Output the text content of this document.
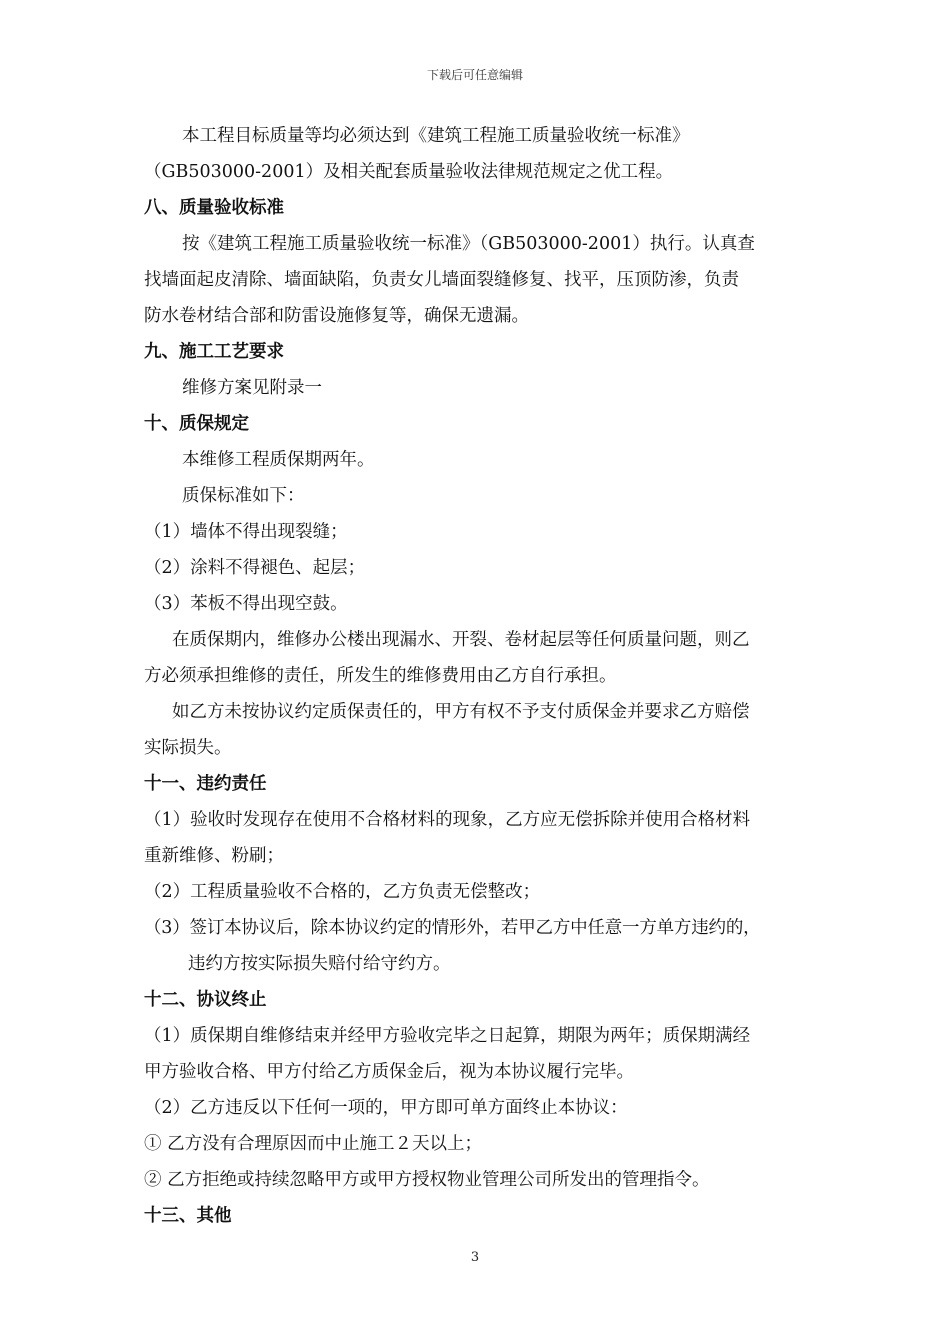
下载后可任意编辑
本工程目标质量等均必须达到《建筑工程施工质量验收统一标准》
（GB503000-2001）及相关配套质量验收法律规范规定之优工程。
八、质量验收标准
按《建筑工程施工质量验收统一标准》（GB503000-2001）执行。认真查
找墙面起皮清除、墙面缺陷，负责女儿墙面裂缝修复、找平，压顶防渗，负责
防水卷材结合部和防雷设施修复等，确保无遗漏。
九、施工工艺要求
维修方案见附录一
十、质保规定
本维修工程质保期两年。
质保标准如下：
（1）墙体不得出现裂缝；
（2）涂料不得褪色、起层；
（3）苯板不得出现空鼓。
在质保期内，维修办公楼出现漏水、开裂、卷材起层等任何质量问题，则乙
方必须承担维修的责任，所发生的维修费用由乙方自行承担。
如乙方未按协议约定质保责任的，甲方有权不予支付质保金并要求乙方赔偿
实际损失。
十一、违约责任
（1）验收时发现存在使用不合格材料的现象，乙方应无偿拆除并使用合格材料
重新维修、粉刷；
（2）工程质量验收不合格的，乙方负责无偿整改；
（3）签订本协议后，除本协议约定的情形外，若甲乙方中任意一方单方违约的，
违约方按实际损失赔付给守约方。
十二、协议终止
（1）质保期自维修结束并经甲方验收完毕之日起算，期限为两年；质保期满经
甲方验收合格、甲方付给乙方质保金后，视为本协议履行完毕。
（2）乙方违反以下任何一项的，甲方即可单方面终止本协议：
① 乙方没有合理原因而中止施工２天以上；
② 乙方拒绝或持续忽略甲方或甲方授权物业管理公司所发出的管理指令。
十三、其他
3
